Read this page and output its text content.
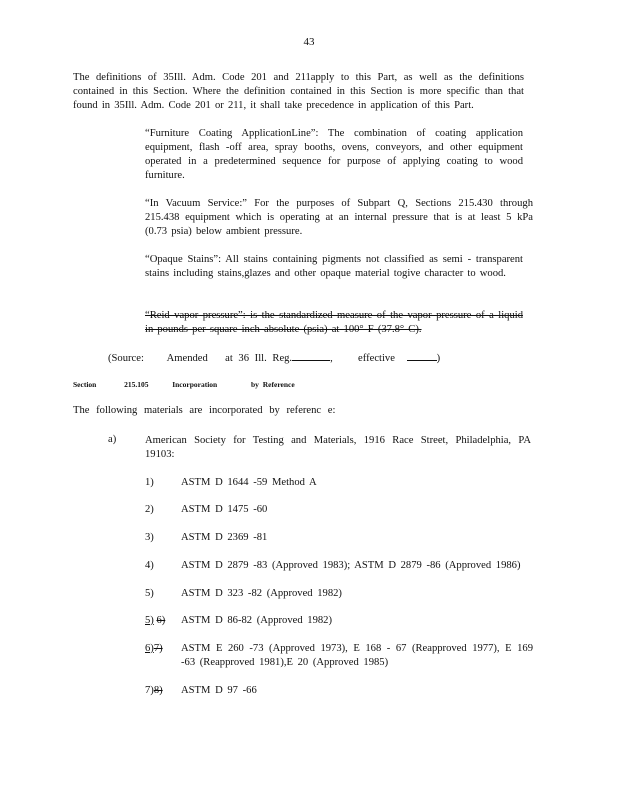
43
The definitions of 35Ill. Adm. Code 201 and 211apply to this Part, as well as the definitions contained in this Section. Where the definition contained in this Section is more specific than that found in 35Ill. Adm. Code 201 or 211, it shall take precedence in application of this Part.
“Furniture Coating ApplicationLine”: The combination of coating application equipment, flash -off area, spray booths, ovens, conveyors, and other equipment operated in a predetermined sequence for purpose of applying coating to wood furniture.
“In Vacuum Service:” For the purposes of Subpart Q, Sections 215.430 through 215.438 equipment which is operating at an internal pressure that is at least 5 kPa (0.73 psia) below ambient pressure.
“Opaque Stains”: All stains containing pigments not classified as semi - transparent stains including stains,glazes and other opaque material togive character to wood.
“Reid vapor pressure”: is the standardized measure of the vapor pressure of a liquid in pounds per square inch absolute (psia) at 100° F (37.8° C).
(Source: Amended at 36 Ill. Reg.	,  effective	)
Section	215.105	Incorporation	by Reference
The following materials are incorporated by referenc e:
a)	American Society for Testing and Materials, 1916 Race Street, Philadelphia, PA 19103:
1)	ASTM D 1644 -59 Method A
2)	ASTM D 1475 -60
3)	ASTM D 2369 -81
4)	ASTM D 2879 -83 (Approved 1983); ASTM D 2879 -86 (Approved 1986)
5)	ASTM D 323 -82 (Approved 1982)
5) 6) ASTM D 86-82 (Approved 1982)
6)7) ASTM E 260 -73 (Approved 1973), E 168 - 67 (Reapproved 1977), E 169 -63 (Reapproved 1981),E 20 (Approved 1985)
7)8) ASTM D 97 -66
